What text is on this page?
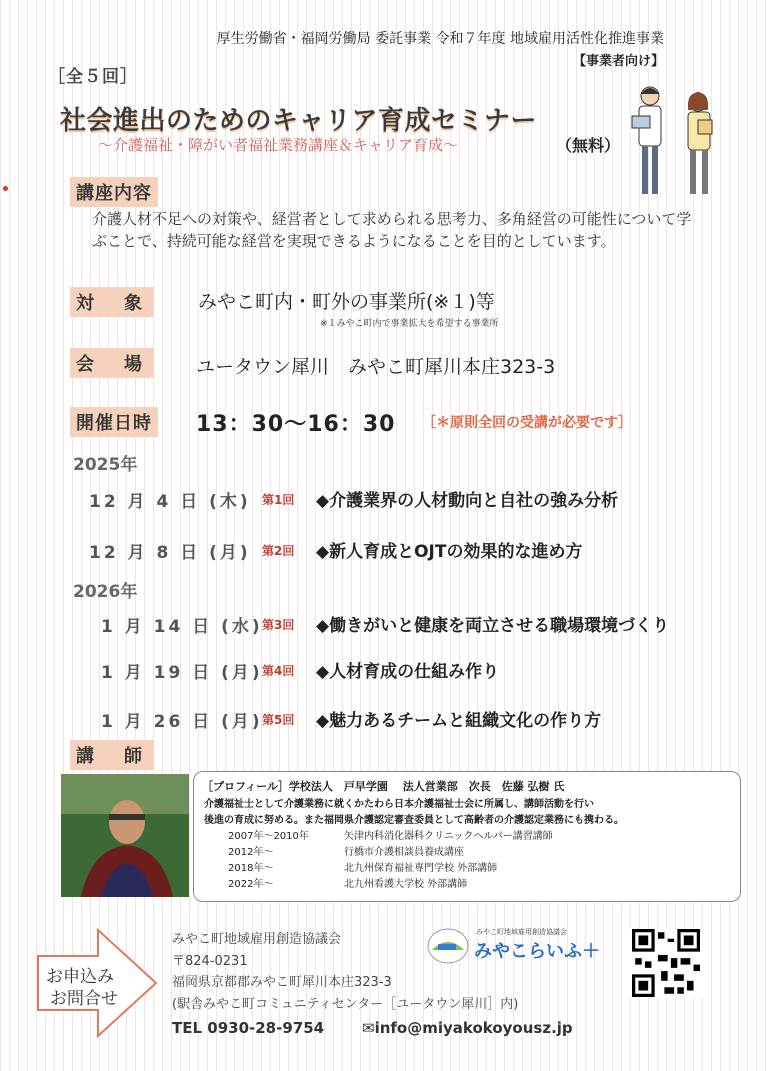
厚生労働省・福岡労働局 委託事業 令和７年度 地域雇用活性化推進事業
【事業者向け】
［全５回］
社会進出のためのキャリア育成セミナー
～介護福祉・障がい者福祉業務講座＆キャリア育成～	（無料）
講座内容
介護人材不足への対策や、経営者として求められる思考力、多角経営の可能性について学ぶことで、持続可能な経営を実現できるようになることを目的としています。
対　象	みやこ町内・町外の事業所(※１)等
※１みやこ町内で事業拡大を希望する事業所
会　場	ユータウン犀川　みやこ町犀川本庄323-3
開催日時 13：30～16：30 ［＊原則全回の受講が必要です］
2025年
12 月 4 日 (木) 第1回 ◆介護業界の人材動向と自社の強み分析
12 月 8 日 (月) 第2回 ◆新人育成とOJTの効果的な進め方
2026年
1 月 14 日 (水) 第3回 ◆働きがいと健康を両立させる職場環境づくり
1 月 19 日 (月) 第4回 ◆人材育成の仕組み作り
1 月 26 日 (月) 第5回 ◆魅力あるチームと組織文化の作り方
講　師
［プロフィール］学校法人　戸早学園　 法人営業部　次長　佐藤 弘樹 氏
介護福祉士として介護業務に就くかたわら日本介護福祉士会に所属し、講師活動を行い
後進の育成に努める。また福岡県介護認定審査委員として高齢者の介護認定業務にも携わる。
2007年～2010年	矢津内科消化器科クリニックヘルパー講習講師
2012年～	行橋市介護相談員養成講座
2018年～	北九州保育福祉専門学校 外部講師
2022年～	北九州看護大学校 外部講師
お申込み
お問合せ
みやこ町地域雇用創造協議会
〒824-0231
福岡県京都郡みやこ町犀川本庄323-3
(駅舎みやこ町コミュニティセンター［ユータウン犀川］内)
TEL 0930-28-9754	✉info@miyakokoyousz.jp
みやこ町地域雇用創造協議会
みやこらいふ＋
